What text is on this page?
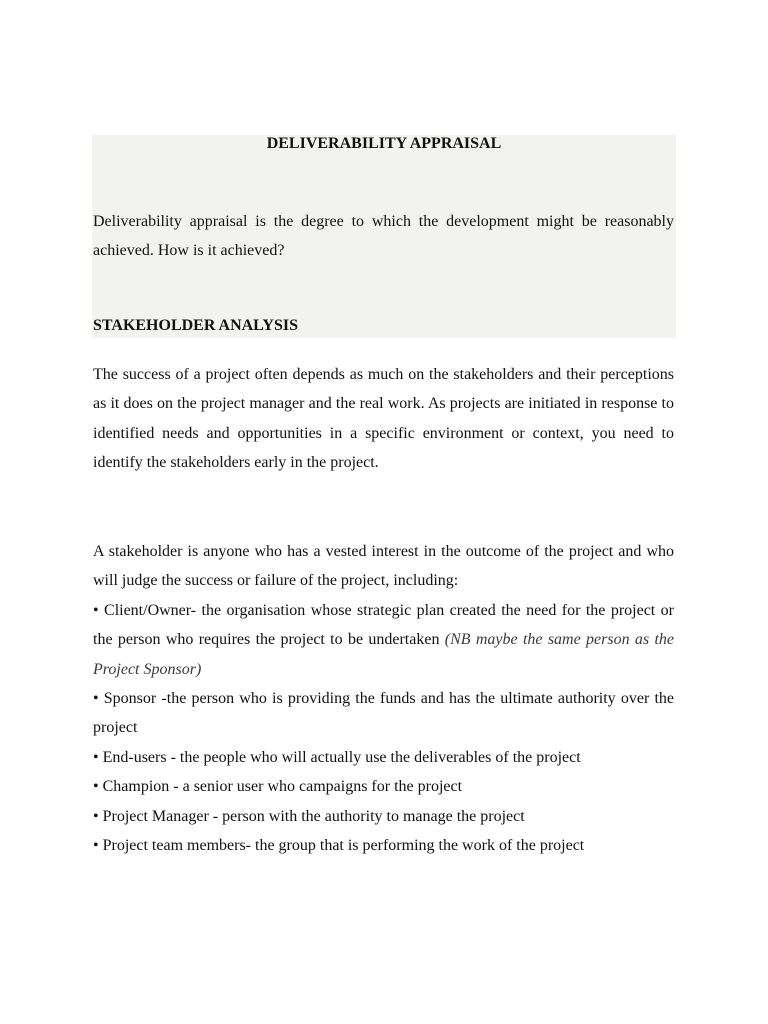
DELIVERABILITY APPRAISAL
Deliverability appraisal is the degree to which the development might be reasonably achieved. How is it achieved?
STAKEHOLDER ANALYSIS
The success of a project often depends as much on the stakeholders and their perceptions as it does on the project manager and the real work. As projects are initiated in response to identified needs and opportunities in a specific environment or context, you need to identify the stakeholders early in the project.
A stakeholder is anyone who has a vested interest in the outcome of the project and who will judge the success or failure of the project, including:
• Client/Owner- the organisation whose strategic plan created the need for the project or the person who requires the project to be undertaken (NB maybe the same person as the Project Sponsor)
• Sponsor -the person who is providing the funds and has the ultimate authority over the project
• End-users - the people who will actually use the deliverables of the project
• Champion - a senior user who campaigns for the project
• Project Manager - person with the authority to manage the project
• Project team members- the group that is performing the work of the project
